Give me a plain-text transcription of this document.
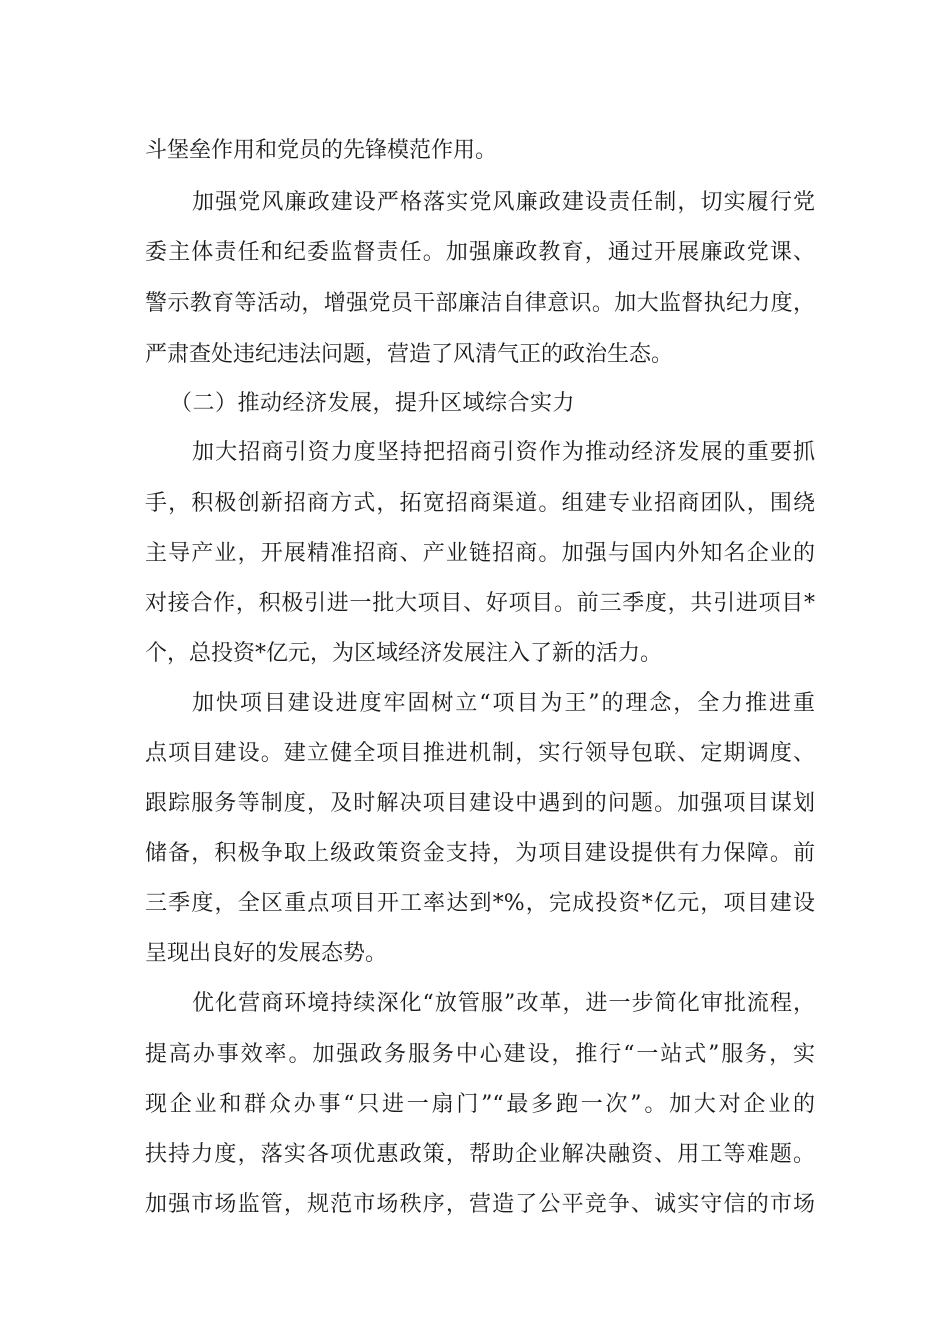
斗堡垒作用和党员的先锋模范作用。
加强党风廉政建设严格落实党风廉政建设责任制，切实履行党
委主体责任和纪委监督责任。加强廉政教育，通过开展廉政党课、
警示教育等活动，增强党员干部廉洁自律意识。加大监督执纪力度，
严肃查处违纪违法问题，营造了风清气正的政治生态。
（二）推动经济发展，提升区域综合实力
加大招商引资力度坚持把招商引资作为推动经济发展的重要抓
手，积极创新招商方式，拓宽招商渠道。组建专业招商团队，围绕
主导产业，开展精准招商、产业链招商。加强与国内外知名企业的
对接合作，积极引进一批大项目、好项目。前三季度，共引进项目*
个，总投资*亿元，为区域经济发展注入了新的活力。
加快项目建设进度牢固树立“项目为王”的理念，全力推进重
点项目建设。建立健全项目推进机制，实行领导包联、定期调度、
跟踪服务等制度，及时解决项目建设中遇到的问题。加强项目谋划
储备，积极争取上级政策资金支持，为项目建设提供有力保障。前
三季度，全区重点项目开工率达到*%，完成投资*亿元，项目建设
呈现出良好的发展态势。
优化营商环境持续深化“放管服”改革，进一步简化审批流程，
提高办事效率。加强政务服务中心建设，推行“一站式”服务，实
现企业和群众办事“只进一扇门”“最多跑一次”。加大对企业的
扶持力度，落实各项优惠政策，帮助企业解决融资、用工等难题。
加强市场监管，规范市场秩序，营造了公平竞争、诚实守信的市场
